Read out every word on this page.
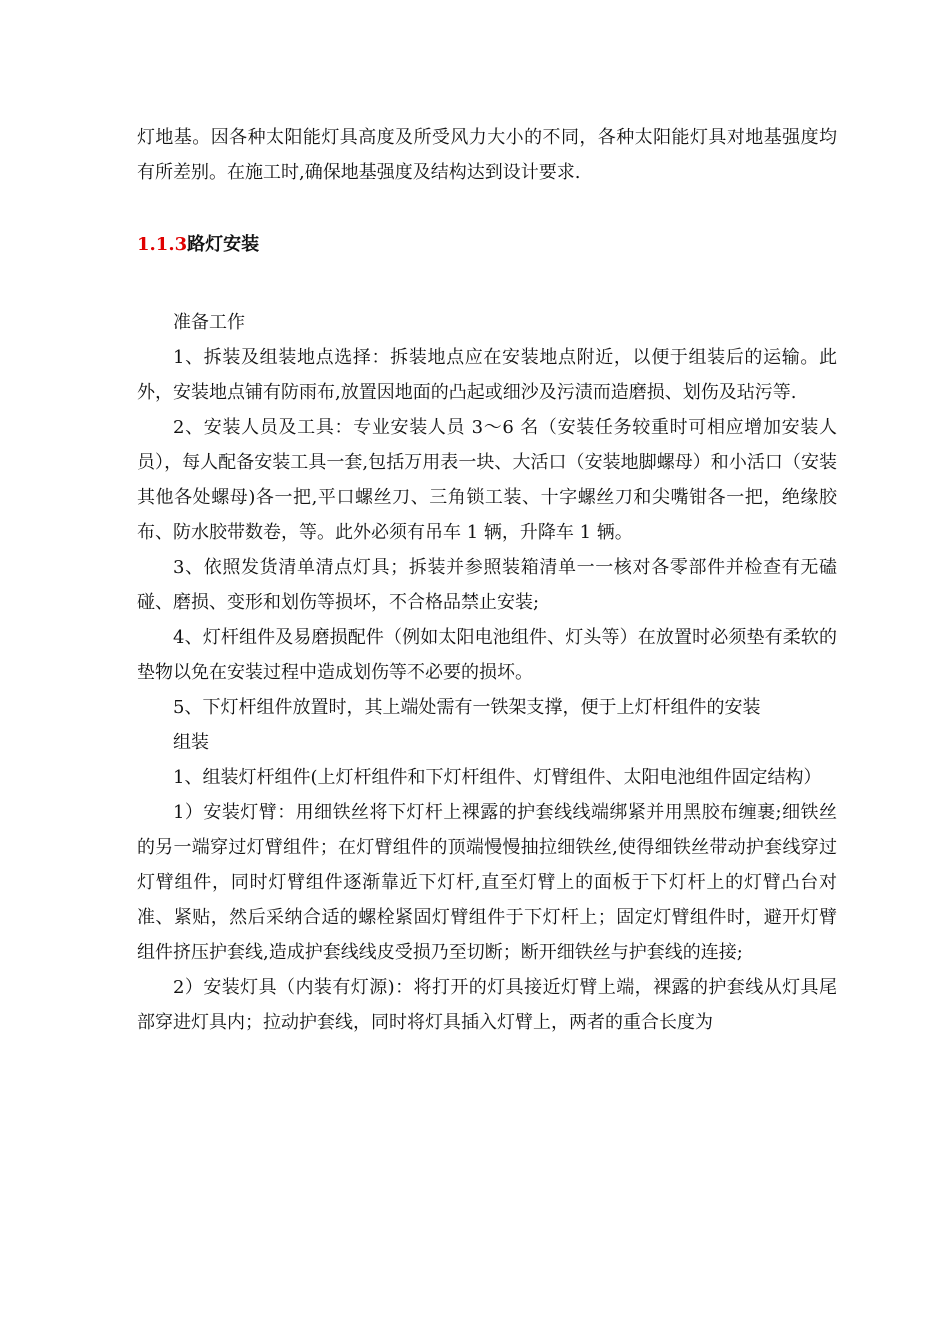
灯地基。因各种太阳能灯具高度及所受风力大小的不同，各种太阳能灯具对地基强度均有所差别。在施工时,确保地基强度及结构达到设计要求.

1.1.3路灯安装

准备工作

1、拆装及组装地点选择：拆装地点应在安装地点附近，以便于组装后的运输。此外，安装地点铺有防雨布,放置因地面的凸起或细沙及污渍而造磨损、划伤及玷污等.

2、安装人员及工具：专业安装人员 3～6 名（安装任务较重时可相应增加安装人员），每人配备安装工具一套,包括万用表一块、大活口（安装地脚螺母）和小活口（安装其他各处螺母)各一把,平口螺丝刀、三角锁工装、十字螺丝刀和尖嘴钳各一把，绝缘胶布、防水胶带数卷，等。此外必须有吊车 1 辆，升降车 1 辆。

3、依照发货清单清点灯具；拆装并参照装箱清单一一核对各零部件并检查有无磕碰、磨损、变形和划伤等损坏，不合格品禁止安装;

4、灯杆组件及易磨损配件（例如太阳电池组件、灯头等）在放置时必须垫有柔软的垫物以免在安装过程中造成划伤等不必要的损坏。

5、下灯杆组件放置时，其上端处需有一铁架支撑，便于上灯杆组件的安装

组装

1、组装灯杆组件(上灯杆组件和下灯杆组件、灯臂组件、太阳电池组件固定结构）

1）安装灯臂：用细铁丝将下灯杆上裸露的护套线线端绑紧并用黑胶布缠裹;细铁丝的另一端穿过灯臂组件；在灯臂组件的顶端慢慢抽拉细铁丝,使得细铁丝带动护套线穿过灯臂组件，同时灯臂组件逐渐靠近下灯杆,直至灯臂上的面板于下灯杆上的灯臂凸台对准、紧贴，然后采纳合适的螺栓紧固灯臂组件于下灯杆上；固定灯臂组件时，避开灯臂组件挤压护套线,造成护套线线皮受损乃至切断；断开细铁丝与护套线的连接;

2）安装灯具（内装有灯源)：将打开的灯具接近灯臂上端，裸露的护套线从灯具尾部穿进灯具内；拉动护套线，同时将灯具插入灯臂上，两者的重合长度为
